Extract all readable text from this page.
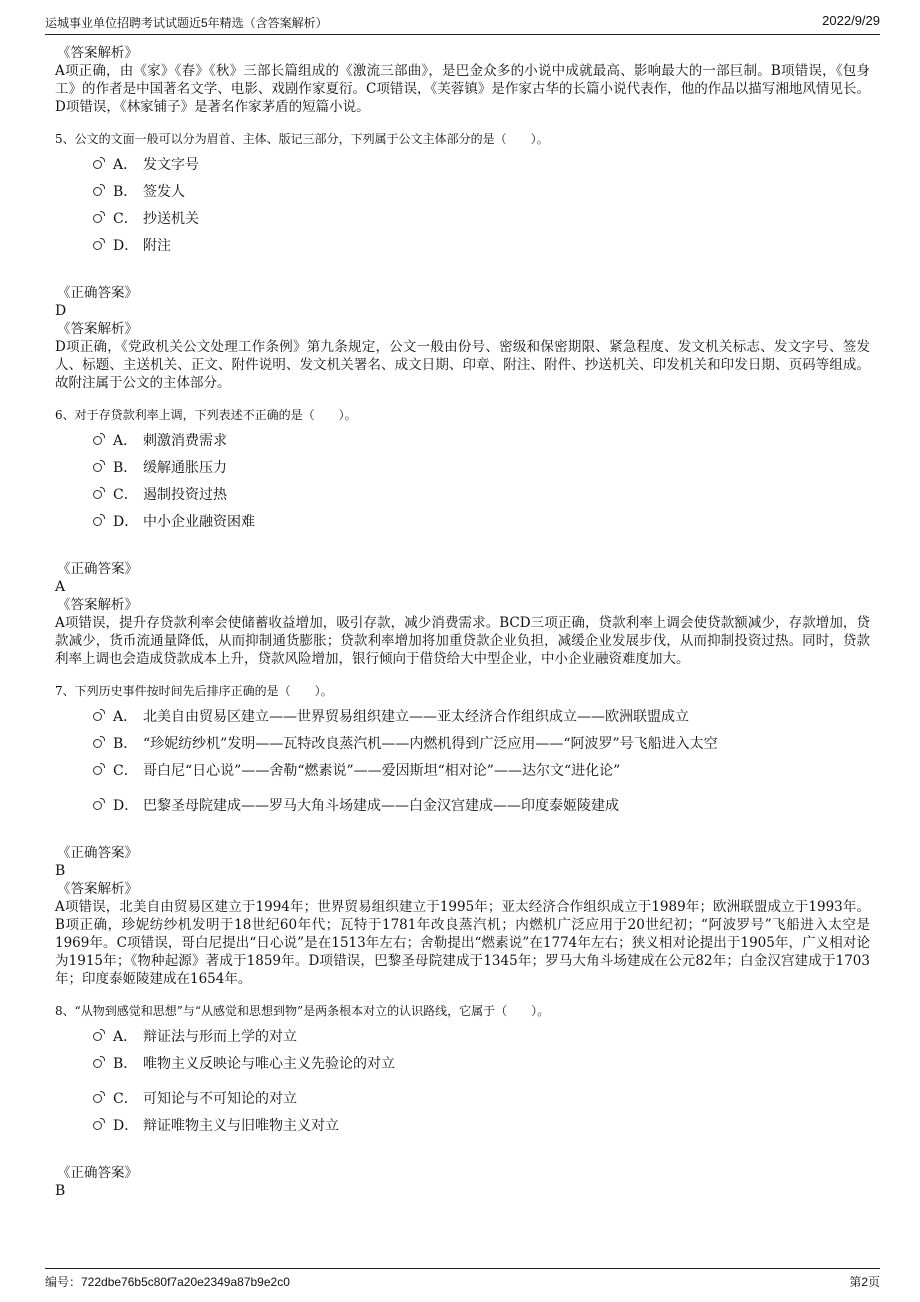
运城事业单位招聘考试试题近5年精选（含答案解析）	2022/9/29
《答案解析》
A项正确，由《家》《春》《秋》三部长篇组成的《激流三部曲》，是巴金众多的小说中成就最高、影响最大的一部巨制。B项错误，《包身工》的作者是中国著名文学、电影、戏剧作家夏衍。C项错误，《芙蓉镇》是作家古华的长篇小说代表作，他的作品以描写湘地风情见长。D项错误，《林家铺子》是著名作家茅盾的短篇小说。
5、公文的文面一般可以分为眉首、主体、版记三部分，下列属于公文主体部分的是（　　）。
A． 发文字号
B． 签发人
C． 抄送机关
D． 附注
《正确答案》
D
《答案解析》
D项正确，《党政机关公文处理工作条例》第九条规定，公文一般由份号、密级和保密期限、紧急程度、发文机关标志、发文字号、签发人、标题、主送机关、正文、附件说明、发文机关署名、成文日期、印章、附注、附件、抄送机关、印发机关和印发日期、页码等组成。故附注属于公文的主体部分。
6、对于存贷款利率上调，下列表述不正确的是（　　）。
A． 刺激消费需求
B． 缓解通胀压力
C． 遏制投资过热
D． 中小企业融资困难
《正确答案》
A
《答案解析》
A项错误，提升存贷款利率会使储蓄收益增加，吸引存款，减少消费需求。BCD三项正确，贷款利率上调会使贷款额减少，存款增加，贷款减少，货币流通量降低，从而抑制通货膨胀；贷款利率增加将加重贷款企业负担，减缓企业发展步伐，从而抑制投资过热。同时，贷款利率上调也会造成贷款成本上升，贷款风险增加，银行倾向于借贷给大中型企业，中小企业融资难度加大。
7、下列历史事件按时间先后排序正确的是（　　）。
A． 北美自由贸易区建立——世界贸易组织建立——亚太经济合作组织成立——欧洲联盟成立
B． “珍妮纺纱机”发明——瓦特改良蒸汽机——内燃机得到广泛应用——“阿波罗”号飞船进入太空
C． 哥白尼“日心说”——舍勒“燃素说”——爱因斯坦“相对论”——达尔文“进化论”
D． 巴黎圣母院建成——罗马大角斗场建成——白金汉宫建成——印度泰姬陵建成
《正确答案》
B
《答案解析》
A项错误，北美自由贸易区建立于1994年；世界贸易组织建立于1995年；亚太经济合作组织成立于1989年；欧洲联盟成立于1993年。B项正确，珍妮纺纱机发明于18世纪60年代；瓦特于1781年改良蒸汽机；内燃机广泛应用于20世纪初；“阿波罗号”飞船进入太空是1969年。C项错误，哥白尼提出“日心说”是在1513年左右；舍勒提出“燃素说”在1774年左右；狭义相对论提出于1905年，广义相对论为1915年；《物种起源》著成于1859年。D项错误，巴黎圣母院建成于1345年；罗马大角斗场建成在公元82年；白金汉宫建成于1703年；印度泰姬陵建成在1654年。
8、“从物到感觉和思想”与“从感觉和思想到物”是两条根本对立的认识路线，它属于（　　）。
A． 辩证法与形而上学的对立
B． 唯物主义反映论与唯心主义先验论的对立
C． 可知论与不可知论的对立
D． 辩证唯物主义与旧唯物主义对立
《正确答案》
B
编号：722dbe76b5c80f7a20e2349a87b9e2c0	第2页
